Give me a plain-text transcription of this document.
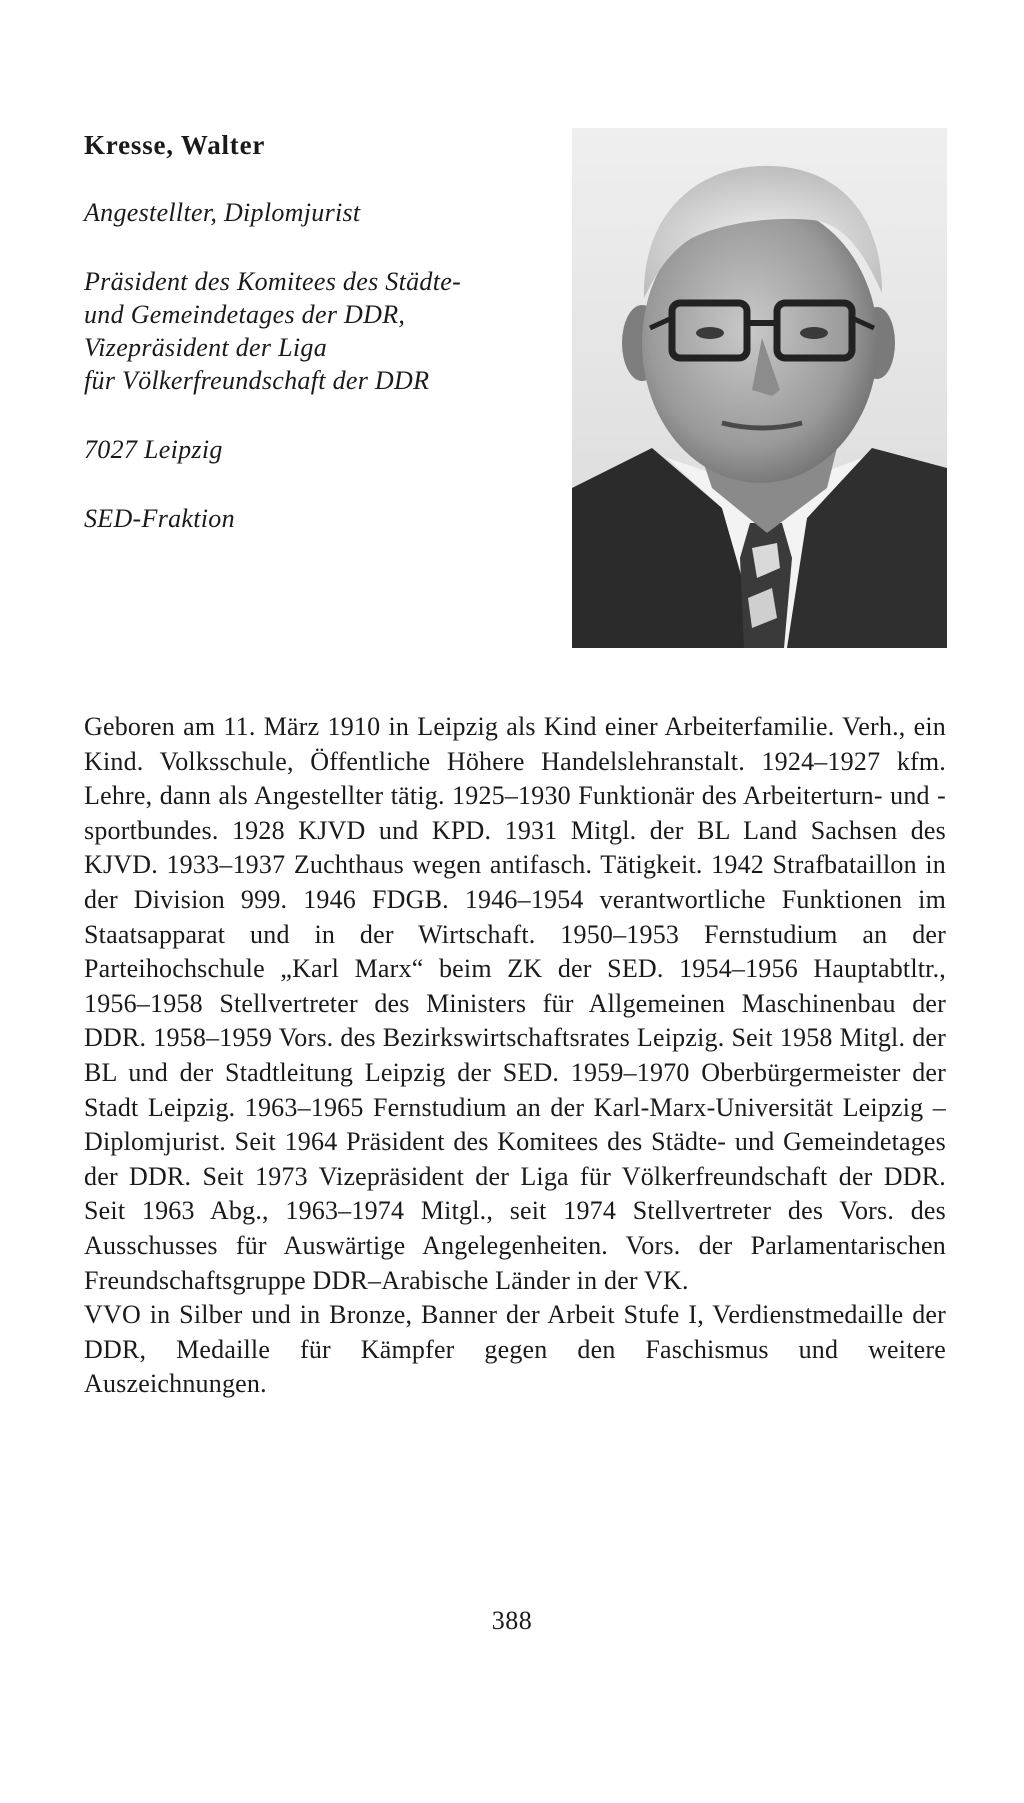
Kresse, Walter
Angestellter, Diplomjurist
Präsident des Komitees des Städte-
und Gemeindetages der DDR,
Vizepräsident der Liga
für Völkerfreundschaft der DDR
7027 Leipzig
SED-Fraktion

Geboren am 11. März 1910 in Leipzig als Kind einer Arbeiterfamilie. Verh., ein Kind. Volksschule, Öffentliche Höhere Handelslehranstalt. 1924–1927 kfm. Lehre, dann als Angestellter tätig. 1925–1930 Funktionär des Arbeiterturn- und -sportbundes. 1928 KJVD und KPD. 1931 Mitgl. der BL Land Sachsen des KJVD. 1933–1937 Zuchthaus wegen antifasch. Tätigkeit. 1942 Strafbataillon in der Division 999. 1946 FDGB. 1946–1954 verantwortliche Funktionen im Staatsapparat und in der Wirtschaft. 1950–1953 Fernstudium an der Parteihochschule „Karl Marx“ beim ZK der SED. 1954–1956 Hauptabtltr., 1956–1958 Stellvertreter des Ministers für Allgemeinen Maschinenbau der DDR. 1958–1959 Vors. des Bezirkswirtschaftsrates Leipzig. Seit 1958 Mitgl. der BL und der Stadtleitung Leipzig der SED. 1959–1970 Oberbürgermeister der Stadt Leipzig. 1963–1965 Fernstudium an der Karl-Marx-Universität Leipzig – Diplomjurist. Seit 1964 Präsident des Komitees des Städte- und Gemeindetages der DDR. Seit 1973 Vizepräsident der Liga für Völkerfreundschaft der DDR. Seit 1963 Abg., 1963–1974 Mitgl., seit 1974 Stellvertreter des Vors. des Ausschusses für Auswärtige Angelegenheiten. Vors. der Parlamentarischen Freundschaftsgruppe DDR–Arabische Länder in der VK.

VVO in Silber und in Bronze, Banner der Arbeit Stufe I, Verdienstmedaille der DDR, Medaille für Kämpfer gegen den Faschismus und weitere Auszeichnungen.

388
